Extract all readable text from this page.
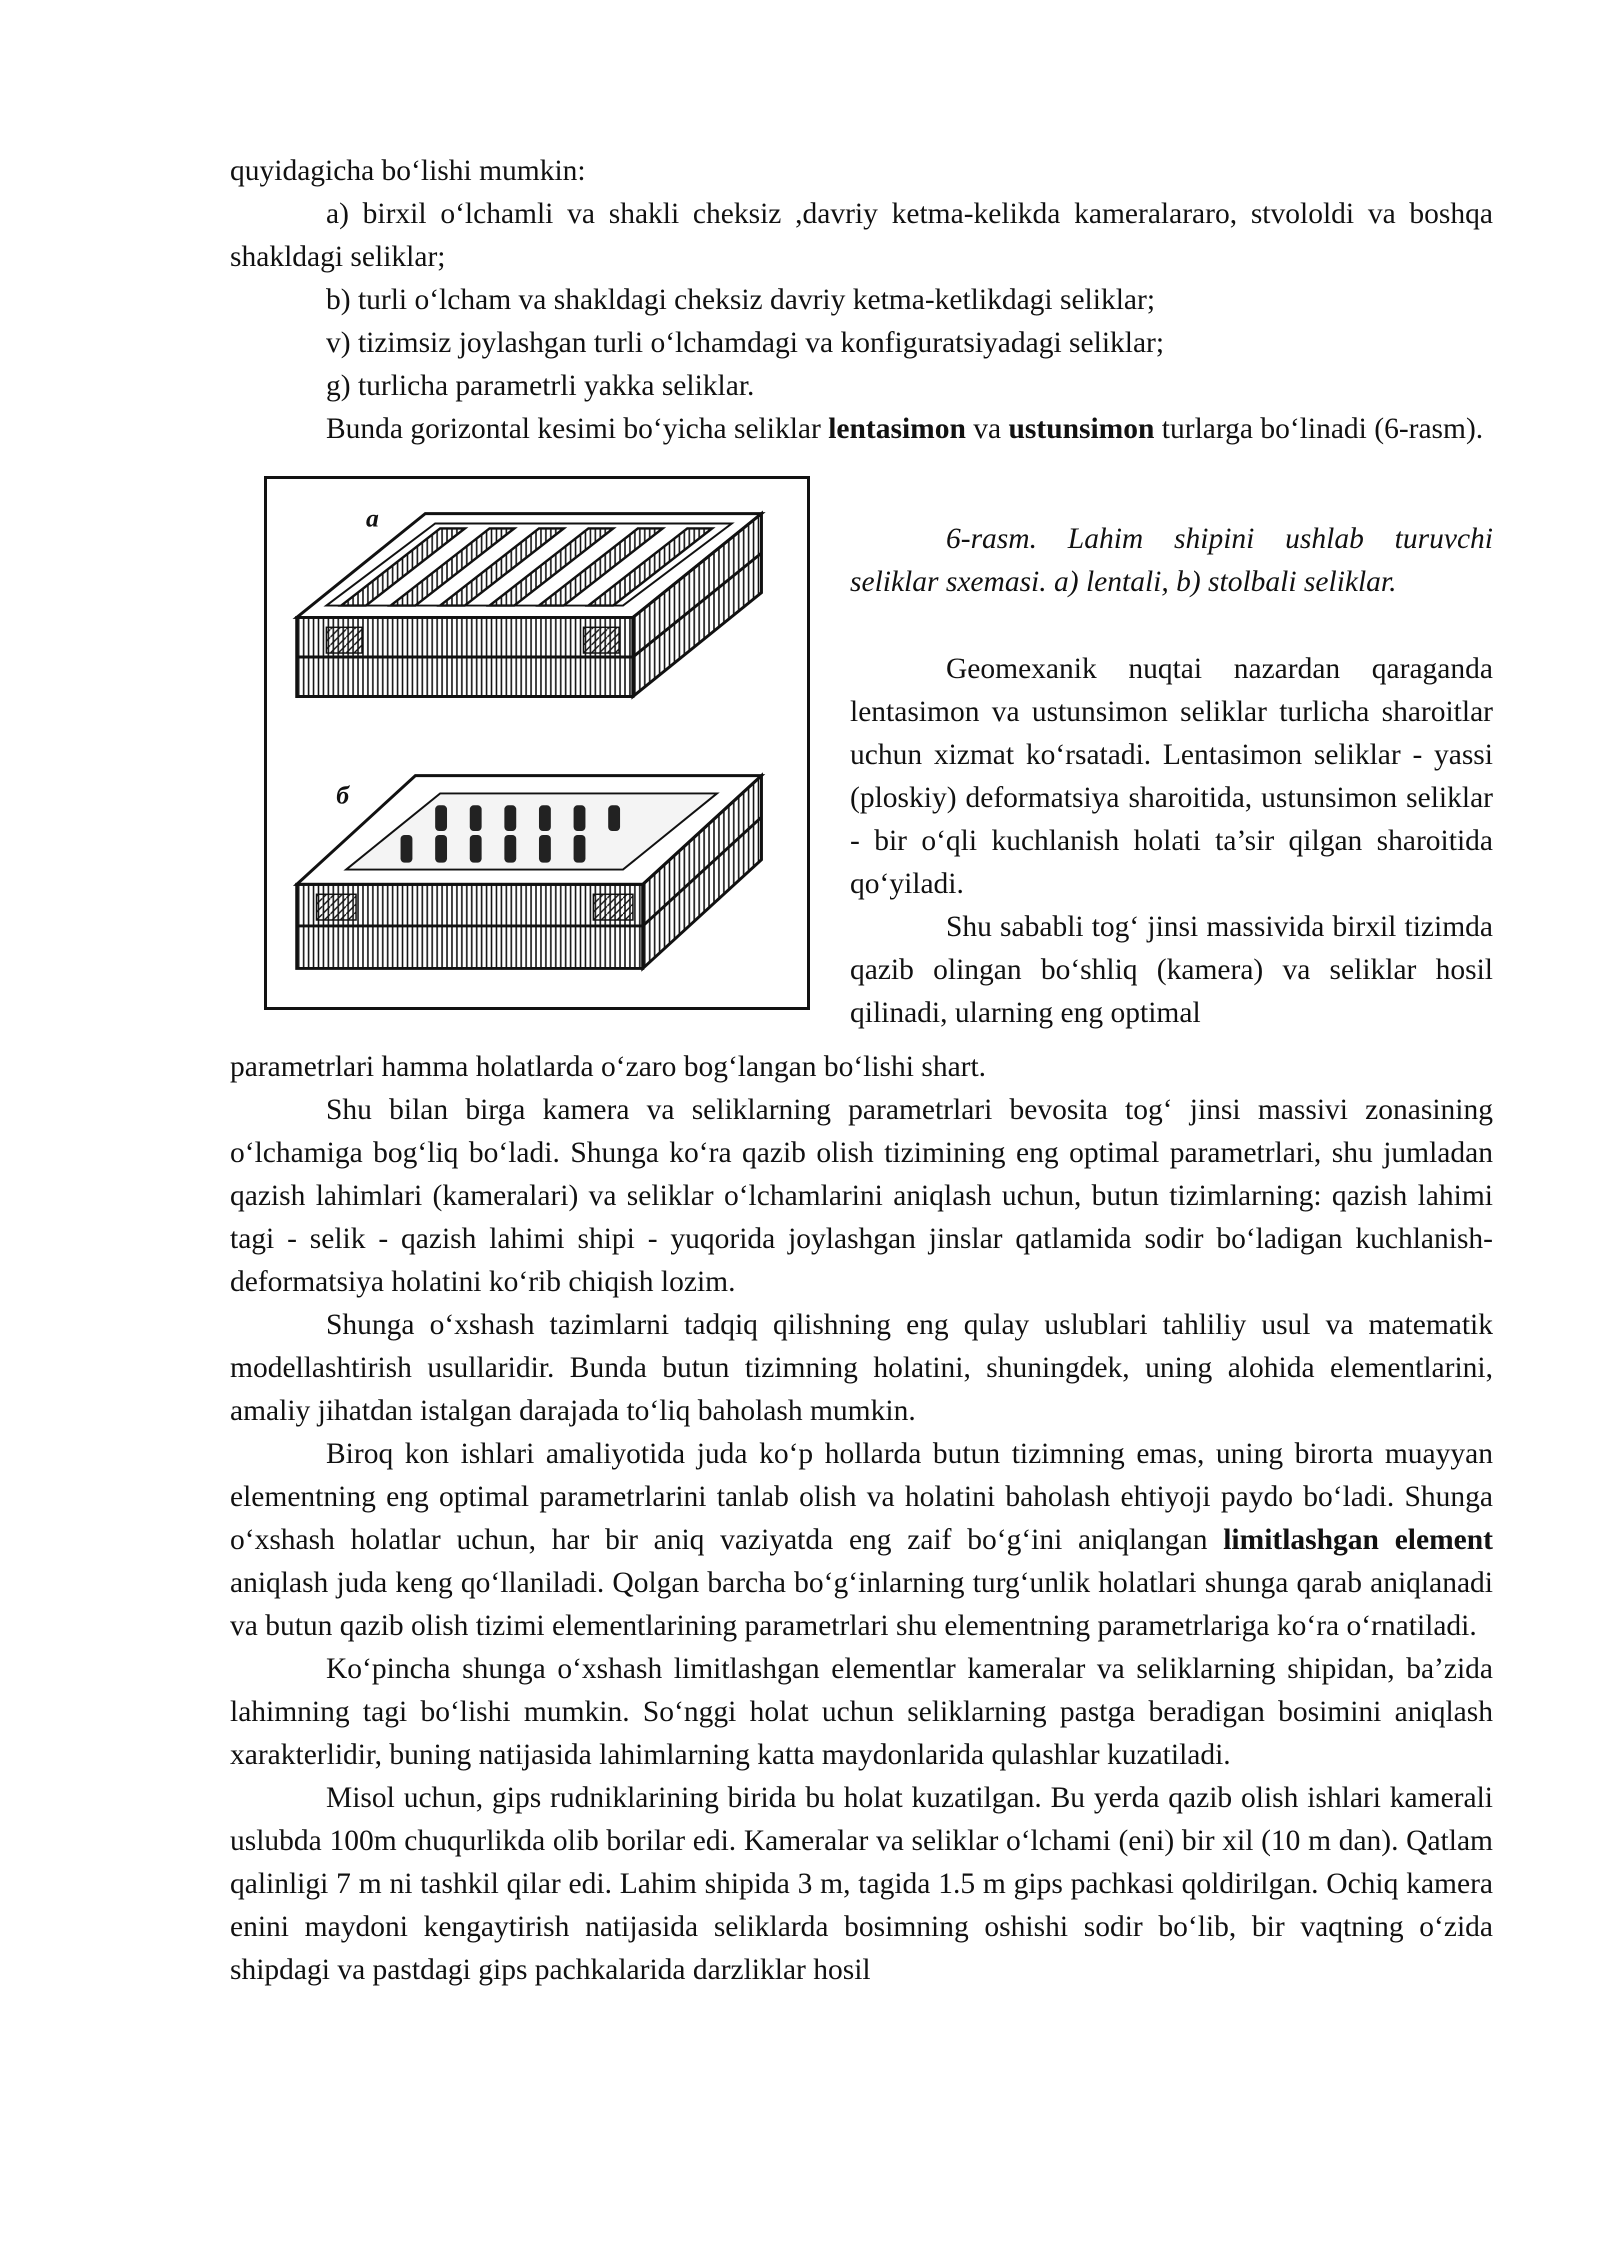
quyidagicha bo‘lishi mumkin:

a) birxil o‘lchamli va shakli cheksiz ,davriy ketma-kelikda kameralararo, stvololdi va boshqa shakldagi seliklar;

b) turli o‘lcham va shakldagi cheksiz davriy ketma-ketlikdagi seliklar;

v) tizimsiz joylashgan turli o‘lchamdagi va konfiguratsiyadagi seliklar;

g) turlicha parametrli yakka seliklar.

Bunda gorizontal kesimi bo‘yicha seliklar lentasimon va ustunsimon turlarga bo‘linadi (6-rasm).

a
б

6-rasm. Lahim shipini ushlab turuvchi seliklar sxemasi. a) lentali, b) stolbali seliklar.

Geomexanik nuqtai nazardan qaraganda lentasimon va ustunsimon seliklar turlicha sharoitlar uchun xizmat ko‘rsatadi. Lentasimon seliklar - yassi (ploskiy) deformatsiya sharoitida, ustunsimon seliklar - bir o‘qli kuchlanish holati ta’sir qilgan sharoitida qo‘yiladi.

Shu sababli tog‘ jinsi massivida birxil tizimda qazib olingan bo‘shliq (kamera) va seliklar hosil qilinadi, ularning eng optimal

parametrlari hamma holatlarda o‘zaro bog‘langan bo‘lishi shart.

Shu bilan birga kamera va seliklarning parametrlari bevosita tog‘ jinsi massivi zonasining o‘lchamiga bog‘liq bo‘ladi. Shunga ko‘ra qazib olish tizimining eng optimal parametrlari, shu jumladan qazish lahimlari (kameralari) va seliklar o‘lchamlarini aniqlash uchun, butun tizimlarning: qazish lahimi tagi - selik - qazish lahimi shipi - yuqorida joylashgan jinslar qatlamida sodir bo‘ladigan kuchlanish-deformatsiya holatini ko‘rib chiqish lozim.

Shunga o‘xshash tazimlarni tadqiq qilishning eng qulay uslublari tahliliy usul va matematik modellashtirish usullaridir. Bunda butun tizimning holatini, shuningdek, uning alohida elementlarini, amaliy jihatdan istalgan darajada to‘liq baholash mumkin.

Biroq kon ishlari amaliyotida juda ko‘p hollarda butun tizimning emas, uning birorta muayyan elementning eng optimal parametrlarini tanlab olish va holatini baholash ehtiyoji paydo bo‘ladi. Shunga o‘xshash holatlar uchun, har bir aniq vaziyatda eng zaif bo‘g‘ini aniqlangan limitlashgan element aniqlash juda keng qo‘llaniladi. Qolgan barcha bo‘g‘inlarning turg‘unlik holatlari shunga qarab aniqlanadi va butun qazib olish tizimi elementlarining parametrlari shu elementning parametrlariga ko‘ra o‘rnatiladi.

Ko‘pincha shunga o‘xshash limitlashgan elementlar kameralar va seliklarning shipidan, ba’zida lahimning tagi bo‘lishi mumkin. So‘nggi holat uchun seliklarning pastga beradigan bosimini aniqlash xarakterlidir, buning natijasida lahimlarning katta maydonlarida qulashlar kuzatiladi.

Misol uchun, gips rudniklarining birida bu holat kuzatilgan. Bu yerda qazib olish ishlari kamerali uslubda 100m chuqurlikda olib borilar edi. Kameralar va seliklar o‘lchami (eni) bir xil (10 m dan). Qatlam qalinligi 7 m ni tashkil qilar edi. Lahim shipida 3 m, tagida 1.5 m gips pachkasi qoldirilgan. Ochiq kamera enini maydoni kengaytirish natijasida seliklarda bosimning oshishi sodir bo‘lib, bir vaqtning o‘zida shipdagi va pastdagi gips pachkalarida darzliklar hosil
